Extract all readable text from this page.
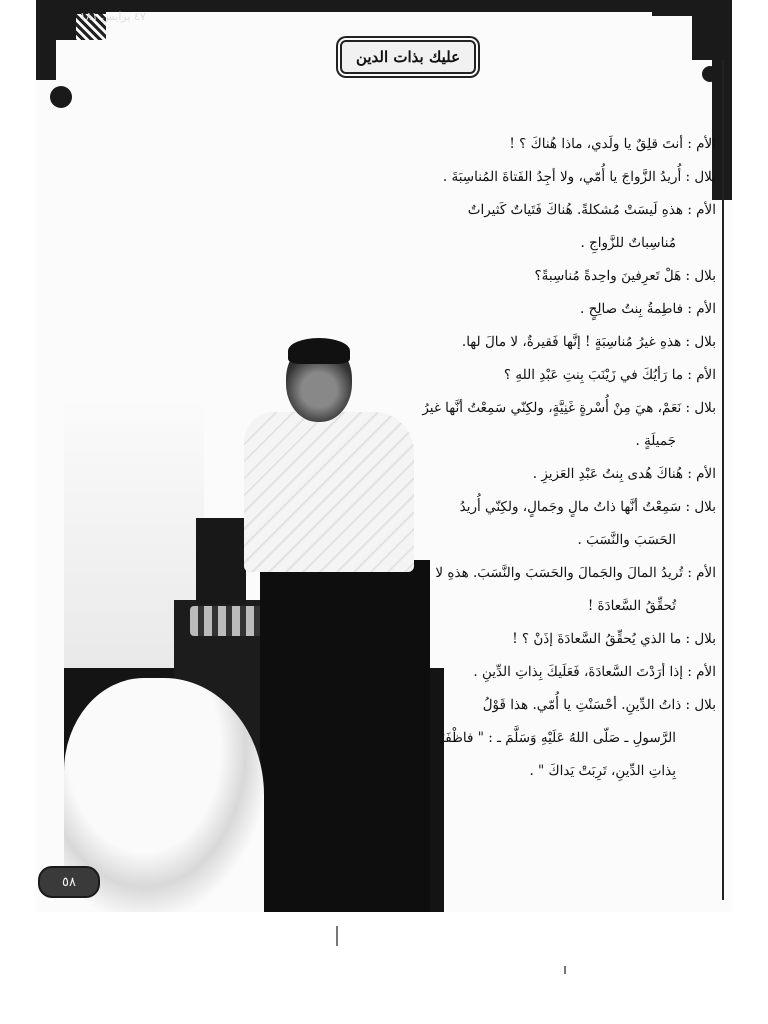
٤٧ يرايس ١٨١
عليك بذات الدين
الأم : أنتَ قلِقٌ يا ولَدي، ماذا هُناكَ ؟ !
بلال : أُريدُ الزَّواجَ يا أُمّي، ولا أجِدُ الفَتاةَ المُناسِبَةَ .
الأم : هذهِ لَيسَتْ مُشكلةً. هُناكَ فَتَياتٌ كَثيراتٌ
مُناسِباتٌ للزَّواجِ .
بلال : هَلْ تَعرِفينَ واحِدةً مُناسِبةً؟
الأم : فاطِمةُ بِنتُ صالِحٍ .
بلال : هذهِ غيرُ مُناسِبَةٍ ! إنَّها فَقيرةٌ، لا مالَ لها.
الأم : ما رَأيُكَ في زَيْنَبَ بِنتِ عَبْدِ اللهِ ؟
بلال : نَعَمْ، هيَ مِنْ أُسْرةٍ غَنِيَّةٍ، ولكِنّي سَمِعْتُ أنَّها غيرُ
جَميلَةٍ .
الأم : هُناكَ هُدى بِنتُ عَبْدِ العَزيزِ .
بلال : سَمِعْتُ أنَّها ذاتُ مالٍ وجَمالٍ، ولكِنّي أُريدُ
الحَسَبَ والنَّسَبَ .
الأم : تُريدُ المالَ والجَمالَ والحَسَبَ والنَّسَبَ. هذهِ لا
تُحقِّقُ السَّعادَةَ !
بلال : ما الذي يُحقِّقُ السَّعادَةَ إذَنْ ؟ !
الأم : إذا أرَدْتَ السَّعادَةَ، فَعَلَيكَ بِذاتِ الدِّينِ .
بلال : ذاتُ الدِّينِ. أحْسَنْتِ يا أُمّي. هذا قَوْلُ
الرَّسولِ ـ صَلّى اللهُ عَلَيْهِ وَسَلَّمَ ـ : " فاظْفَرْ
بِذاتِ الدِّينِ، تَرِبَتْ يَداكَ " .
٥٨
